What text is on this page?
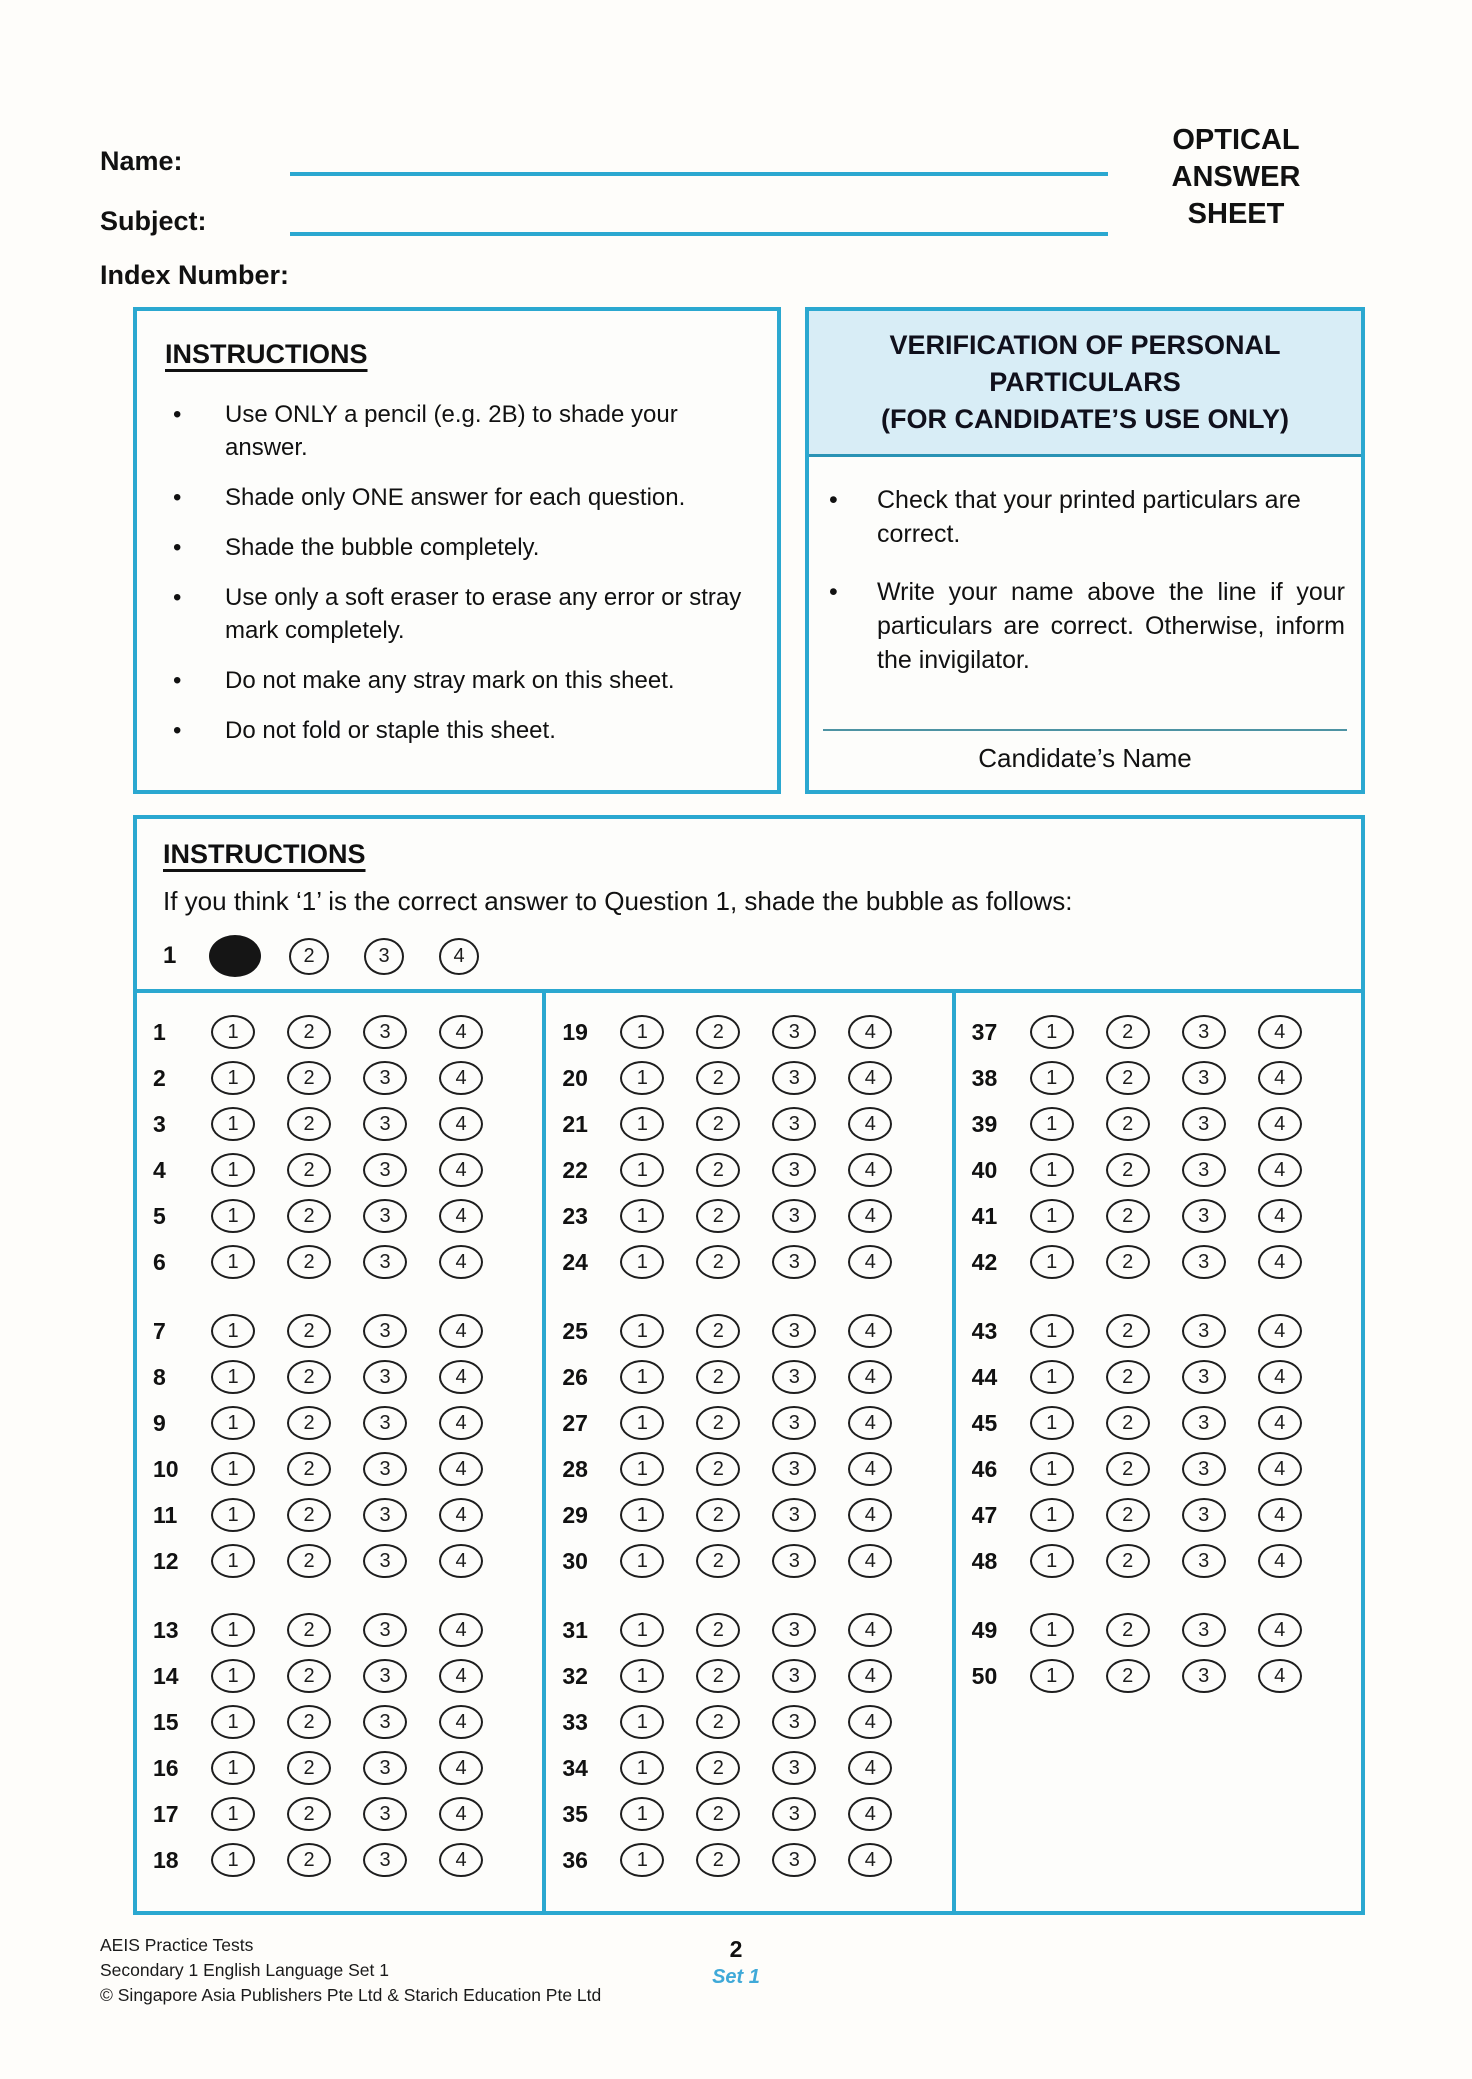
Name:
Subject:
Index Number:
OPTICAL
ANSWER
SHEET
INSTRUCTIONS
•	Use ONLY a pencil (e.g. 2B) to shade your answer.
•	Shade only ONE answer for each question.
•	Shade the bubble completely.
•	Use only a soft eraser to erase any error or stray mark completely.
•	Do not make any stray mark on this sheet.
•	Do not fold or staple this sheet.
VERIFICATION OF PERSONAL
PARTICULARS
(FOR CANDIDATE’S USE ONLY)
•	Check that your printed particulars are correct.
•	Write your name above the line if your particulars are correct. Otherwise, inform the invigilator.
Candidate’s Name
INSTRUCTIONS

If you think ‘1’ is the correct answer to Question 1, shade the bubble as follows:

1	2	3	4
1	1	2	3	4
2	1	2	3	4
3	1	2	3	4
4	1	2	3	4
5	1	2	3	4
6	1	2	3	4
7	1	2	3	4
8	1	2	3	4
9	1	2	3	4
10	1	2	3	4
11	1	2	3	4
12	1	2	3	4
13	1	2	3	4
14	1	2	3	4
15	1	2	3	4
16	1	2	3	4
17	1	2	3	4
18	1	2	3	4
19	1	2	3	4
20	1	2	3	4
21	1	2	3	4
22	1	2	3	4
23	1	2	3	4
24	1	2	3	4
25	1	2	3	4
26	1	2	3	4
27	1	2	3	4
28	1	2	3	4
29	1	2	3	4
30	1	2	3	4
31	1	2	3	4
32	1	2	3	4
33	1	2	3	4
34	1	2	3	4
35	1	2	3	4
36	1	2	3	4
37	1	2	3	4
38	1	2	3	4
39	1	2	3	4
40	1	2	3	4
41	1	2	3	4
42	1	2	3	4
43	1	2	3	4
44	1	2	3	4
45	1	2	3	4
46	1	2	3	4
47	1	2	3	4
48	1	2	3	4
49	1	2	3	4
50	1	2	3	4
AEIS Practice Tests
Secondary 1 English Language Set 1
© Singapore Asia Publishers Pte Ltd & Starich Education Pte Ltd
2
Set 1
